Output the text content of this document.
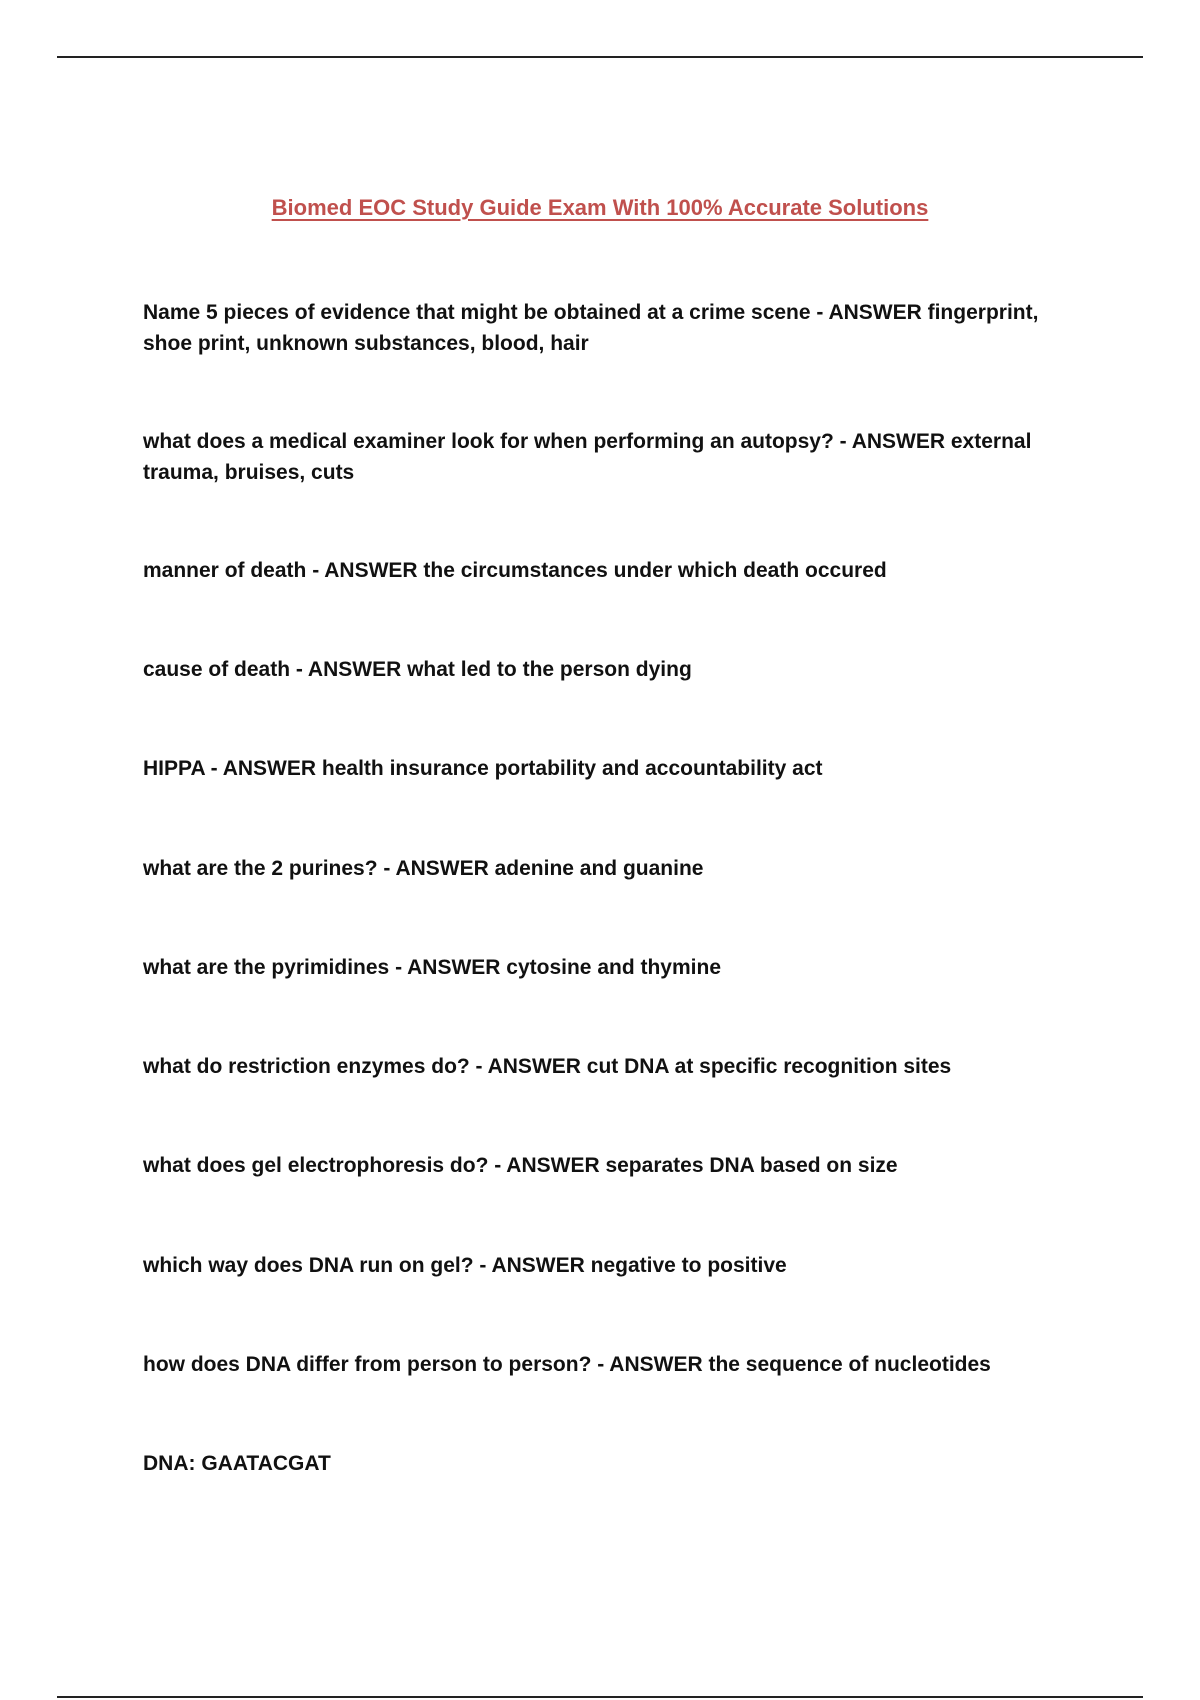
Biomed EOC Study Guide Exam With 100% Accurate Solutions

Name 5 pieces of evidence that might be obtained at a crime scene - ANSWER fingerprint, shoe print, unknown substances, blood, hair

what does a medical examiner look for when performing an autopsy? - ANSWER external trauma, bruises, cuts

manner of death - ANSWER the circumstances under which death occured

cause of death - ANSWER what led to the person dying

HIPPA - ANSWER health insurance portability and accountability act

what are the 2 purines? - ANSWER adenine and guanine

what are the pyrimidines - ANSWER cytosine and thymine

what do restriction enzymes do? - ANSWER cut DNA at specific recognition sites

what does gel electrophoresis do? - ANSWER separates DNA based on size

which way does DNA run on gel? - ANSWER negative to positive

how does DNA differ from person to person? - ANSWER the sequence of nucleotides

DNA: GAATACGAT
